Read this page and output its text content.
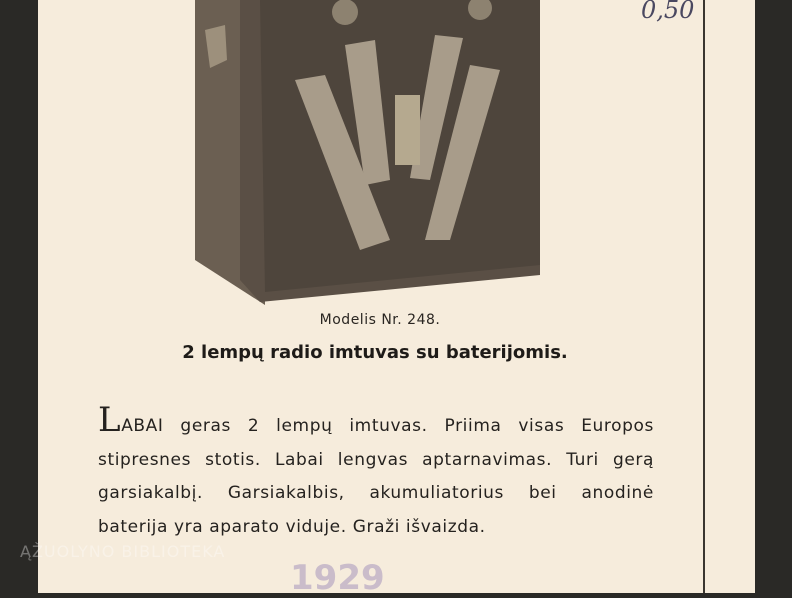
0,50
Modelis Nr. 248.
2 lempų radio imtuvas su baterijomis.
LABAI geras 2 lempų imtuvas. Priima visas Europos stipresnes stotis. Labai lengvas aptarnavimas. Turi gerą garsiakalbį. Garsiakalbis, akumuliatorius bei anodinė baterija yra aparato viduje. Graži išvaizda.
ĄŽUOLYNO BIBLIOTEKA
1929
